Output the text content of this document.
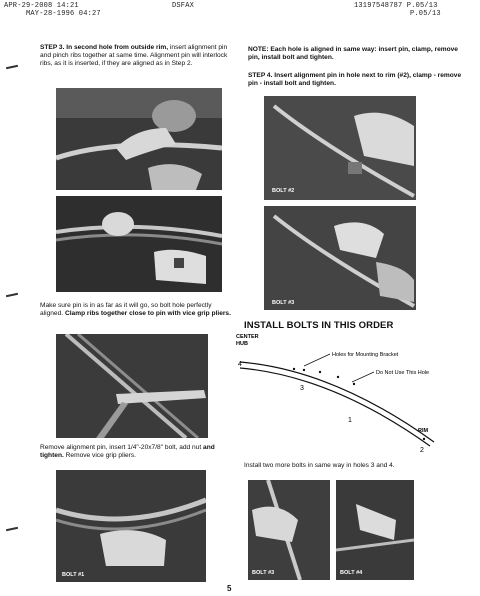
APR-29-2008 14:21	DSFAX	13197548787 P.05/13
MAY-28-1996 04:27	P.05/13
STEP 3. In second hole from outside rim, insert alignment pin and pinch ribs together at same time. Alignment pin will interlock ribs, as it is inserted, if they are aligned as in Step 2.
Make sure pin is in as far as it will go, so bolt hole perfectly aligned. Clamp ribs together close to pin with vice grip pliers.
Remove alignment pin, insert 1/4"-20x7/8" bolt, add nut and tighten. Remove vice grip pliers.
BOLT #1
NOTE: Each hole is aligned in same way: insert pin, clamp, remove pin, install bolt and tighten.
STEP 4. Insert alignment pin in hole next to rim (#2), clamp - remove pin - install bolt and tighten.
BOLT #2
BOLT #3
INSTALL BOLTS IN THIS ORDER
CENTER
HUB
Holes for Mounting Bracket
Do Not Use This Hole
RIM
4
3
1
2
Install two more bolts in same way in holes 3 and 4.
BOLT #3	BOLT #4
5
